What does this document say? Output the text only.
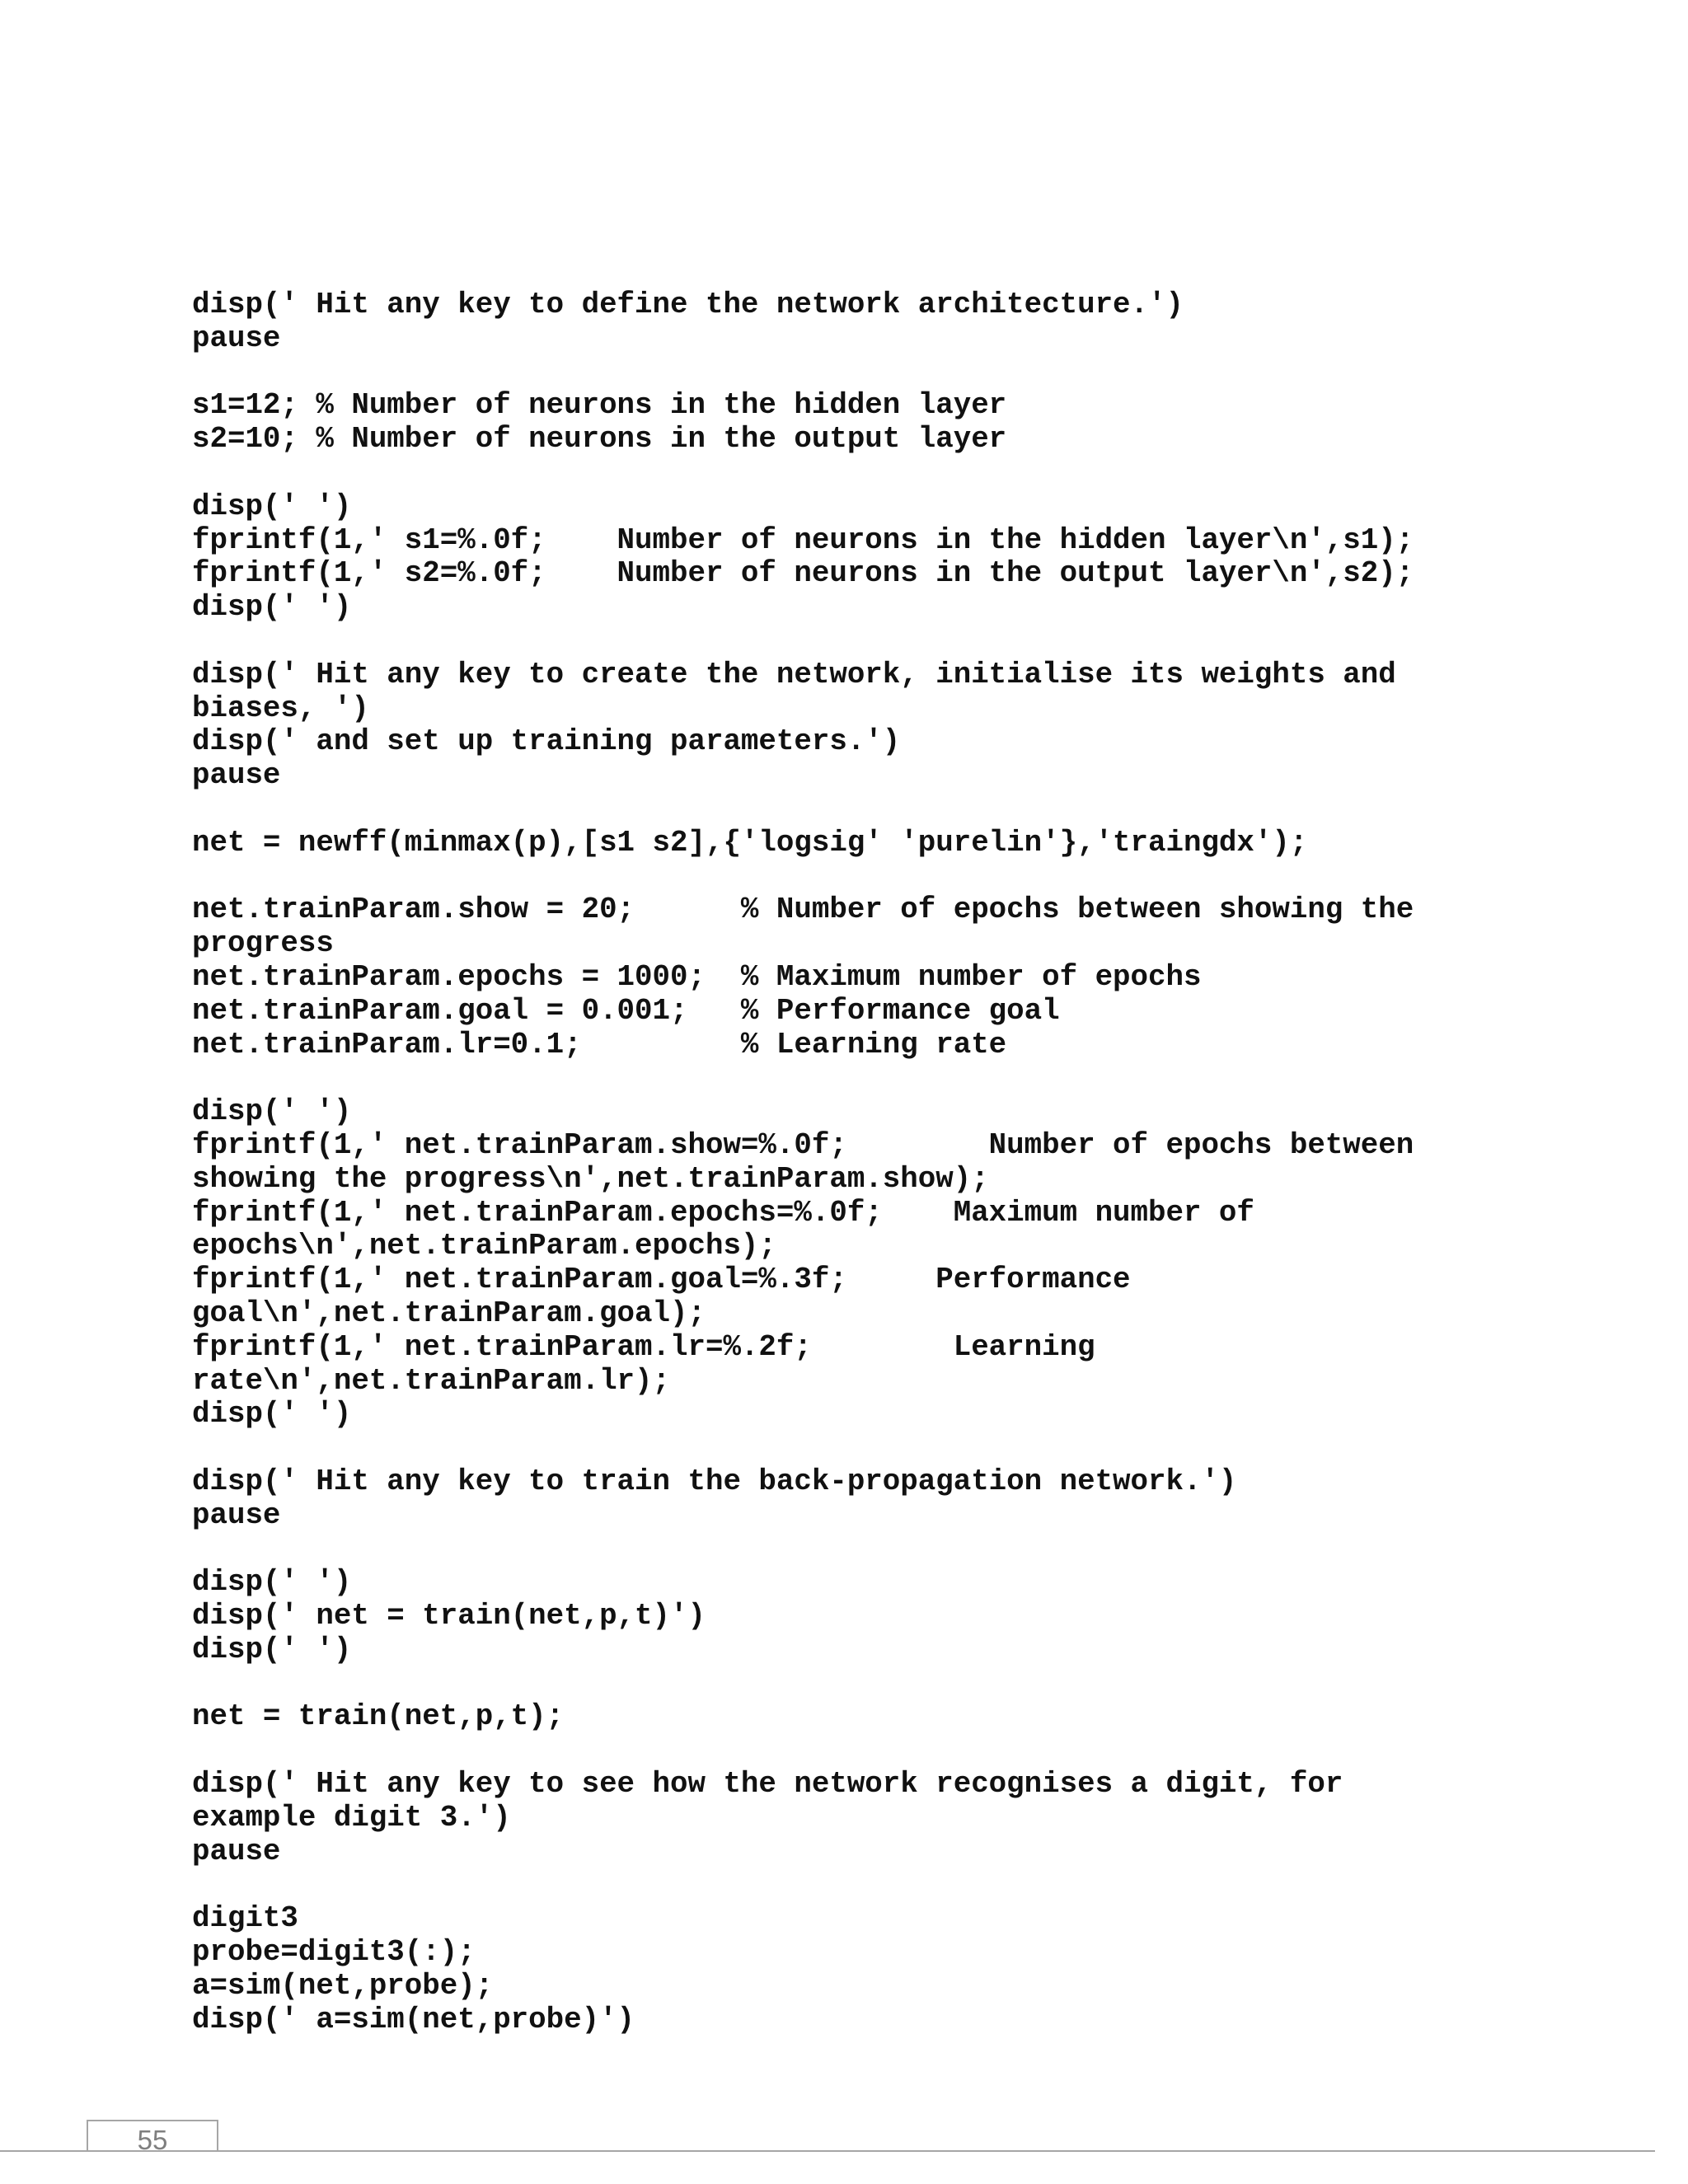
disp(' Hit any key to define the network architecture.')
pause
s1=12; % Number of neurons in the hidden layer
s2=10; % Number of neurons in the output layer
disp(' ')
fprintf(1,' s1=%.0f;    Number of neurons in the hidden layer\n',s1);
fprintf(1,' s2=%.0f;    Number of neurons in the output layer\n',s2);
disp(' ')
disp(' Hit any key to create the network, initialise its weights and
biases, ')
disp(' and set up training parameters.')
pause
net = newff(minmax(p),[s1 s2],{'logsig' 'purelin'},'traingdx');
net.trainParam.show = 20;      % Number of epochs between showing the
progress
net.trainParam.epochs = 1000;  % Maximum number of epochs
net.trainParam.goal = 0.001;   % Performance goal
net.trainParam.lr=0.1;         % Learning rate
disp(' ')
fprintf(1,' net.trainParam.show=%.0f;        Number of epochs between
showing the progress\n',net.trainParam.show);
fprintf(1,' net.trainParam.epochs=%.0f;    Maximum number of
epochs\n',net.trainParam.epochs);
fprintf(1,' net.trainParam.goal=%.3f;     Performance
goal\n',net.trainParam.goal);
fprintf(1,' net.trainParam.lr=%.2f;        Learning
rate\n',net.trainParam.lr);
disp(' ')
disp(' Hit any key to train the back-propagation network.')
pause
disp(' ')
disp(' net = train(net,p,t)')
disp(' ')
net = train(net,p,t);
disp(' Hit any key to see how the network recognises a digit, for
example digit 3.')
pause
digit3
probe=digit3(:);
a=sim(net,probe);
disp(' a=sim(net,probe)')
55
